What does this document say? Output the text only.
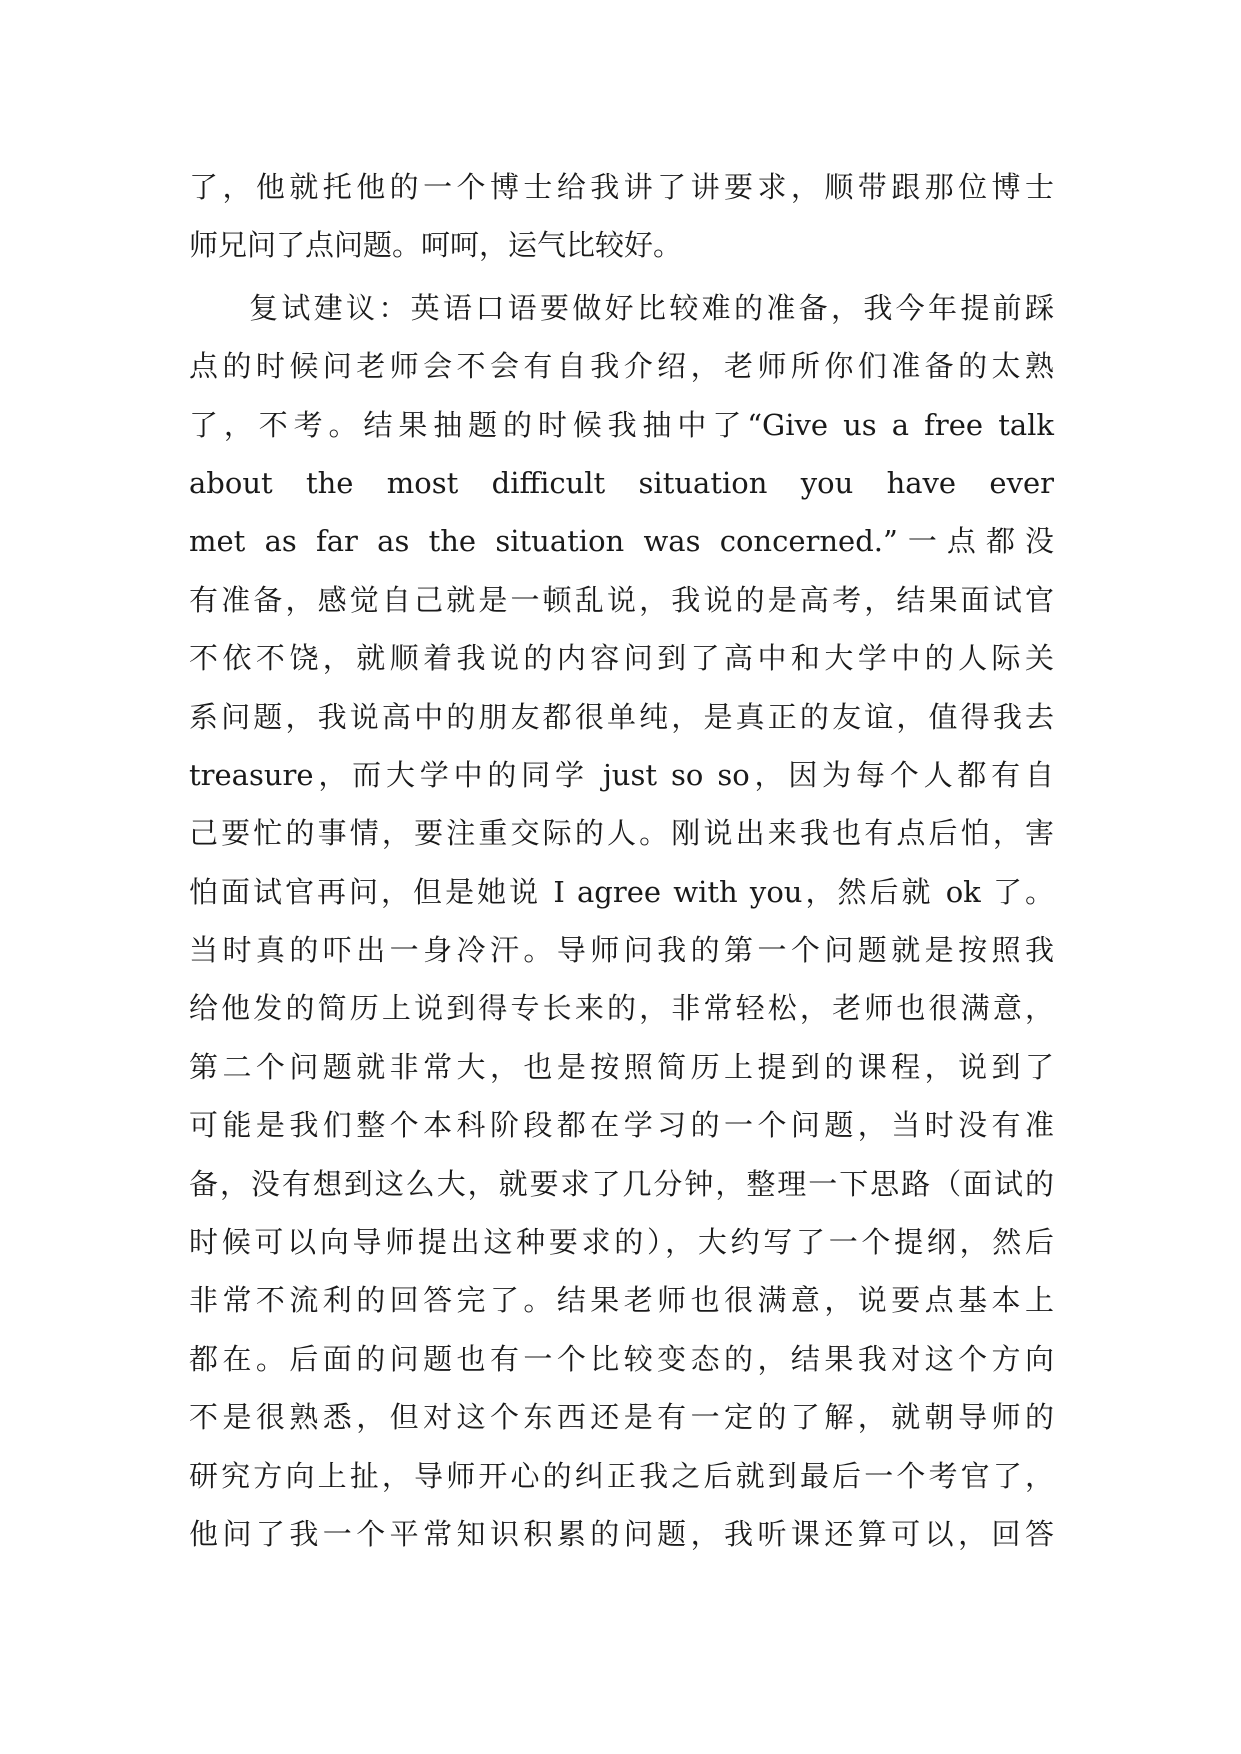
了，他就托他的一个博士给我讲了讲要求，顺带跟那位博士
师兄问了点问题。呵呵，运气比较好。
复试建议：英语口语要做好比较难的准备，我今年提前踩
点的时候问老师会不会有自我介绍，老师所你们准备的太熟
了，不考。结果抽题的时候我抽中了“Give us a free talk
about the most difficult situation you have ever
met as far as the situation was concerned.”一点都没
有准备，感觉自己就是一顿乱说，我说的是高考，结果面试官
不依不饶，就顺着我说的内容问到了高中和大学中的人际关
系问题，我说高中的朋友都很单纯，是真正的友谊，值得我去
treasure，而大学中的同学 just so so，因为每个人都有自
己要忙的事情，要注重交际的人。刚说出来我也有点后怕，害
怕面试官再问，但是她说 I agree with you，然后就 ok 了。
当时真的吓出一身冷汗。导师问我的第一个问题就是按照我
给他发的简历上说到得专长来的，非常轻松，老师也很满意，
第二个问题就非常大，也是按照简历上提到的课程，说到了
可能是我们整个本科阶段都在学习的一个问题，当时没有准
备，没有想到这么大，就要求了几分钟，整理一下思路（面试的
时候可以向导师提出这种要求的），大约写了一个提纲，然后
非常不流利的回答完了。结果老师也很满意，说要点基本上
都在。后面的问题也有一个比较变态的，结果我对这个方向
不是很熟悉，但对这个东西还是有一定的了解，就朝导师的
研究方向上扯，导师开心的纠正我之后就到最后一个考官了，
他问了我一个平常知识积累的问题，我听课还算可以，回答
